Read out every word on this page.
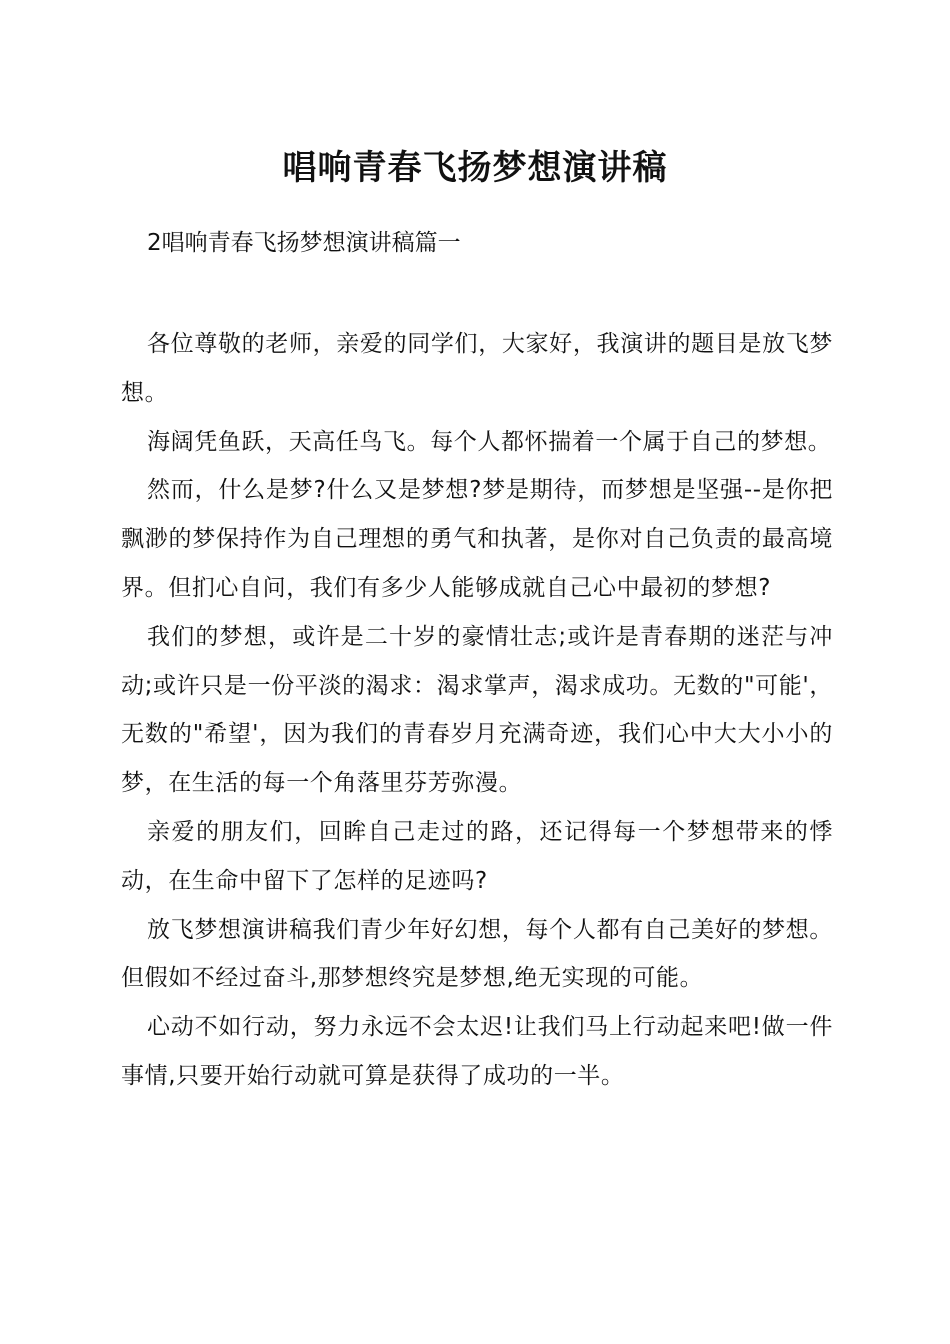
唱响青春飞扬梦想演讲稿
2唱响青春飞扬梦想演讲稿篇一

各位尊敬的老师，亲爱的同学们，大家好，我演讲的题目是放飞梦想。

海阔凭鱼跃，天高任鸟飞。每个人都怀揣着一个属于自己的梦想。

然而，什么是梦?什么又是梦想?梦是期待，而梦想是坚强--是你把飘渺的梦保持作为自己理想的勇气和执著，是你对自己负责的最高境界。但扪心自问，我们有多少人能够成就自己心中最初的梦想?

我们的梦想，或许是二十岁的豪情壮志;或许是青春期的迷茫与冲动;或许只是一份平淡的渴求：渴求掌声，渴求成功。无数的"可能'，无数的"希望'，因为我们的青春岁月充满奇迹，我们心中大大小小的梦，在生活的每一个角落里芬芳弥漫。

亲爱的朋友们，回眸自己走过的路，还记得每一个梦想带来的悸动，在生命中留下了怎样的足迹吗?

放飞梦想演讲稿我们青少年好幻想，每个人都有自己美好的梦想。但假如不经过奋斗,那梦想终究是梦想,绝无实现的可能。

心动不如行动，努力永远不会太迟!让我们马上行动起来吧!做一件事情,只要开始行动就可算是获得了成功的一半。
